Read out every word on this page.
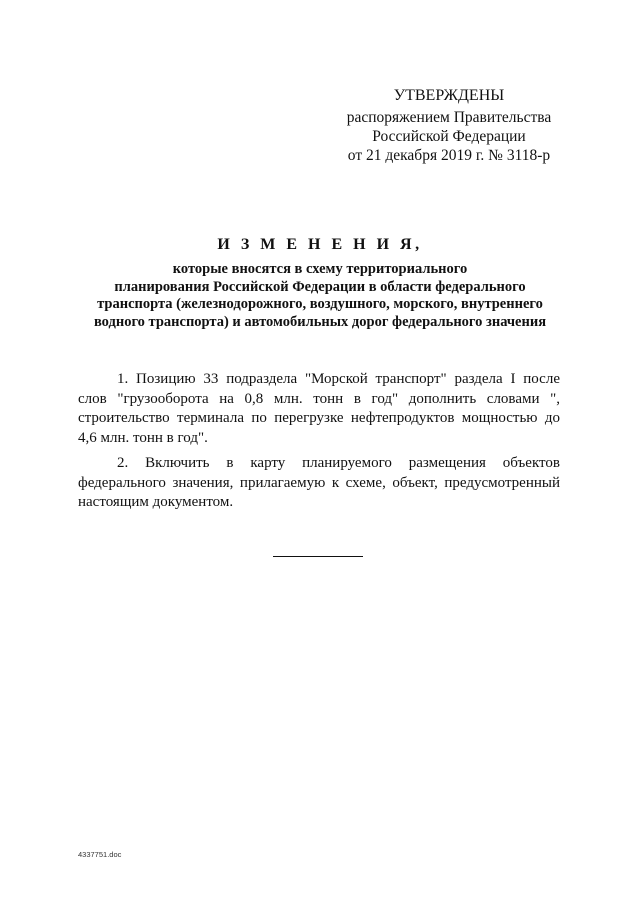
УТВЕРЖДЕНЫ
распоряжением Правительства
Российской Федерации
от 21 декабря 2019 г. № 3118-р
И З М Е Н Е Н И Я,
которые вносятся в схему территориального
планирования Российской Федерации в области федерального
транспорта (железнодорожного, воздушного, морского, внутреннего
водного транспорта) и автомобильных дорог федерального значения

1. Позицию 33 подраздела "Морской транспорт" раздела I после слов "грузооборота на 0,8 млн. тонн в год" дополнить словами ", строительство терминала по перегрузке нефтепродуктов мощностью до 4,6 млн. тонн в год".

2. Включить в карту планируемого размещения объектов федерального значения, прилагаемую к схеме, объект, предусмотренный настоящим документом.

4337751.doc
